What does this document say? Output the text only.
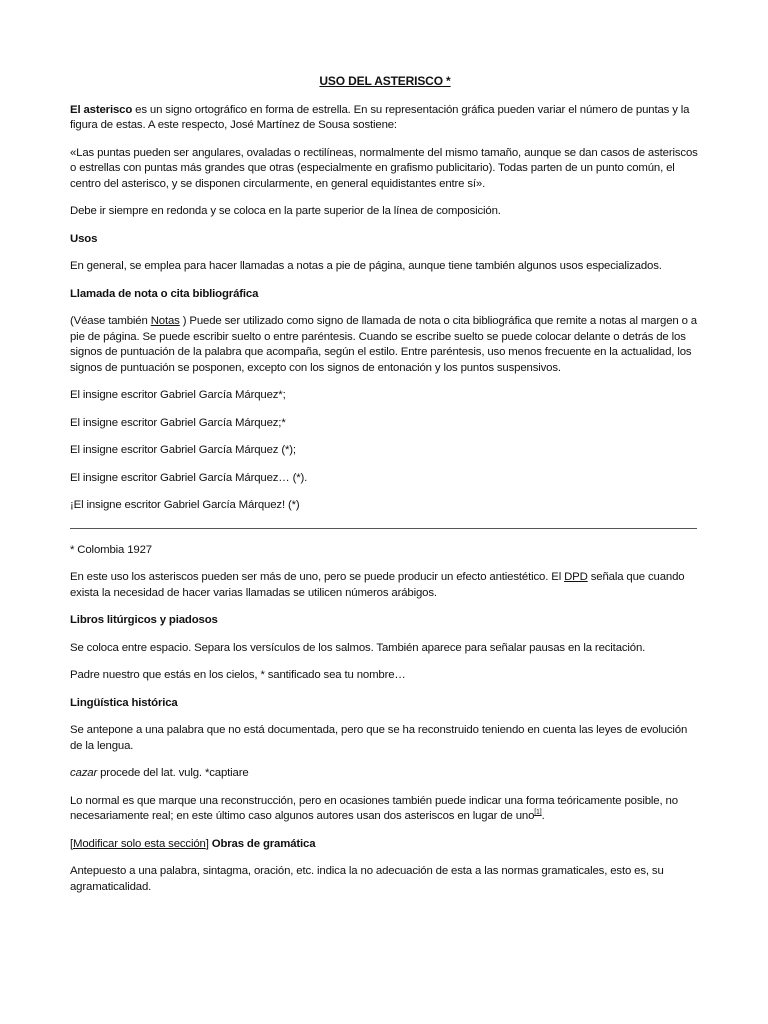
USO DEL ASTERISCO *

El asterisco es un signo ortográfico en forma de estrella. En su representación gráfica pueden variar el número de puntas y la figura de estas. A este respecto, José Martínez de Sousa sostiene:

«Las puntas pueden ser angulares, ovaladas o rectilíneas, normalmente del mismo tamaño, aunque se dan casos de asteriscos o estrellas con puntas más grandes que otras (especialmente en grafismo publicitario). Todas parten de un punto común, el centro del asterisco, y se disponen circularmente, en general equidistantes entre sí».

Debe ir siempre en redonda y se coloca en la parte superior de la línea de composición.

Usos

En general, se emplea para hacer llamadas a notas a pie de página, aunque tiene también algunos usos especializados.

Llamada de nota o cita bibliográfica

(Véase también Notas ) Puede ser utilizado como signo de llamada de nota o cita bibliográfica que remite a notas al margen o a pie de página. Se puede escribir suelto o entre paréntesis. Cuando se escribe suelto se puede colocar delante o detrás de los signos de puntuación de la palabra que acompaña, según el estilo. Entre paréntesis, uso menos frecuente en la actualidad, los signos de puntuación se posponen, excepto con los signos de entonación y los puntos suspensivos.

El insigne escritor Gabriel García Márquez*;

El insigne escritor Gabriel García Márquez;*

El insigne escritor Gabriel García Márquez (*);

El insigne escritor Gabriel García Márquez… (*).

¡El insigne escritor Gabriel García Márquez! (*)

* Colombia 1927

En este uso los asteriscos pueden ser más de uno, pero se puede producir un efecto antiestético. El DPD señala que cuando exista la necesidad de hacer varias llamadas se utilicen números arábigos.

Libros litúrgicos y piadosos

Se coloca entre espacio. Separa los versículos de los salmos. También aparece para señalar pausas en la recitación.

Padre nuestro que estás en los cielos, * santificado sea tu nombre…

Lingüística histórica

Se antepone a una palabra que no está documentada, pero que se ha reconstruido teniendo en cuenta las leyes de evolución de la lengua.

cazar procede del lat. vulg. *captiare

Lo normal es que marque una reconstrucción, pero en ocasiones también puede indicar una forma teóricamente posible, no necesariamente real; en este último caso algunos autores usan dos asteriscos en lugar de uno[1].

[Modificar solo esta sección] Obras de gramática

Antepuesto a una palabra, sintagma, oración, etc. indica la no adecuación de esta a las normas gramaticales, esto es, su agramaticalidad.
